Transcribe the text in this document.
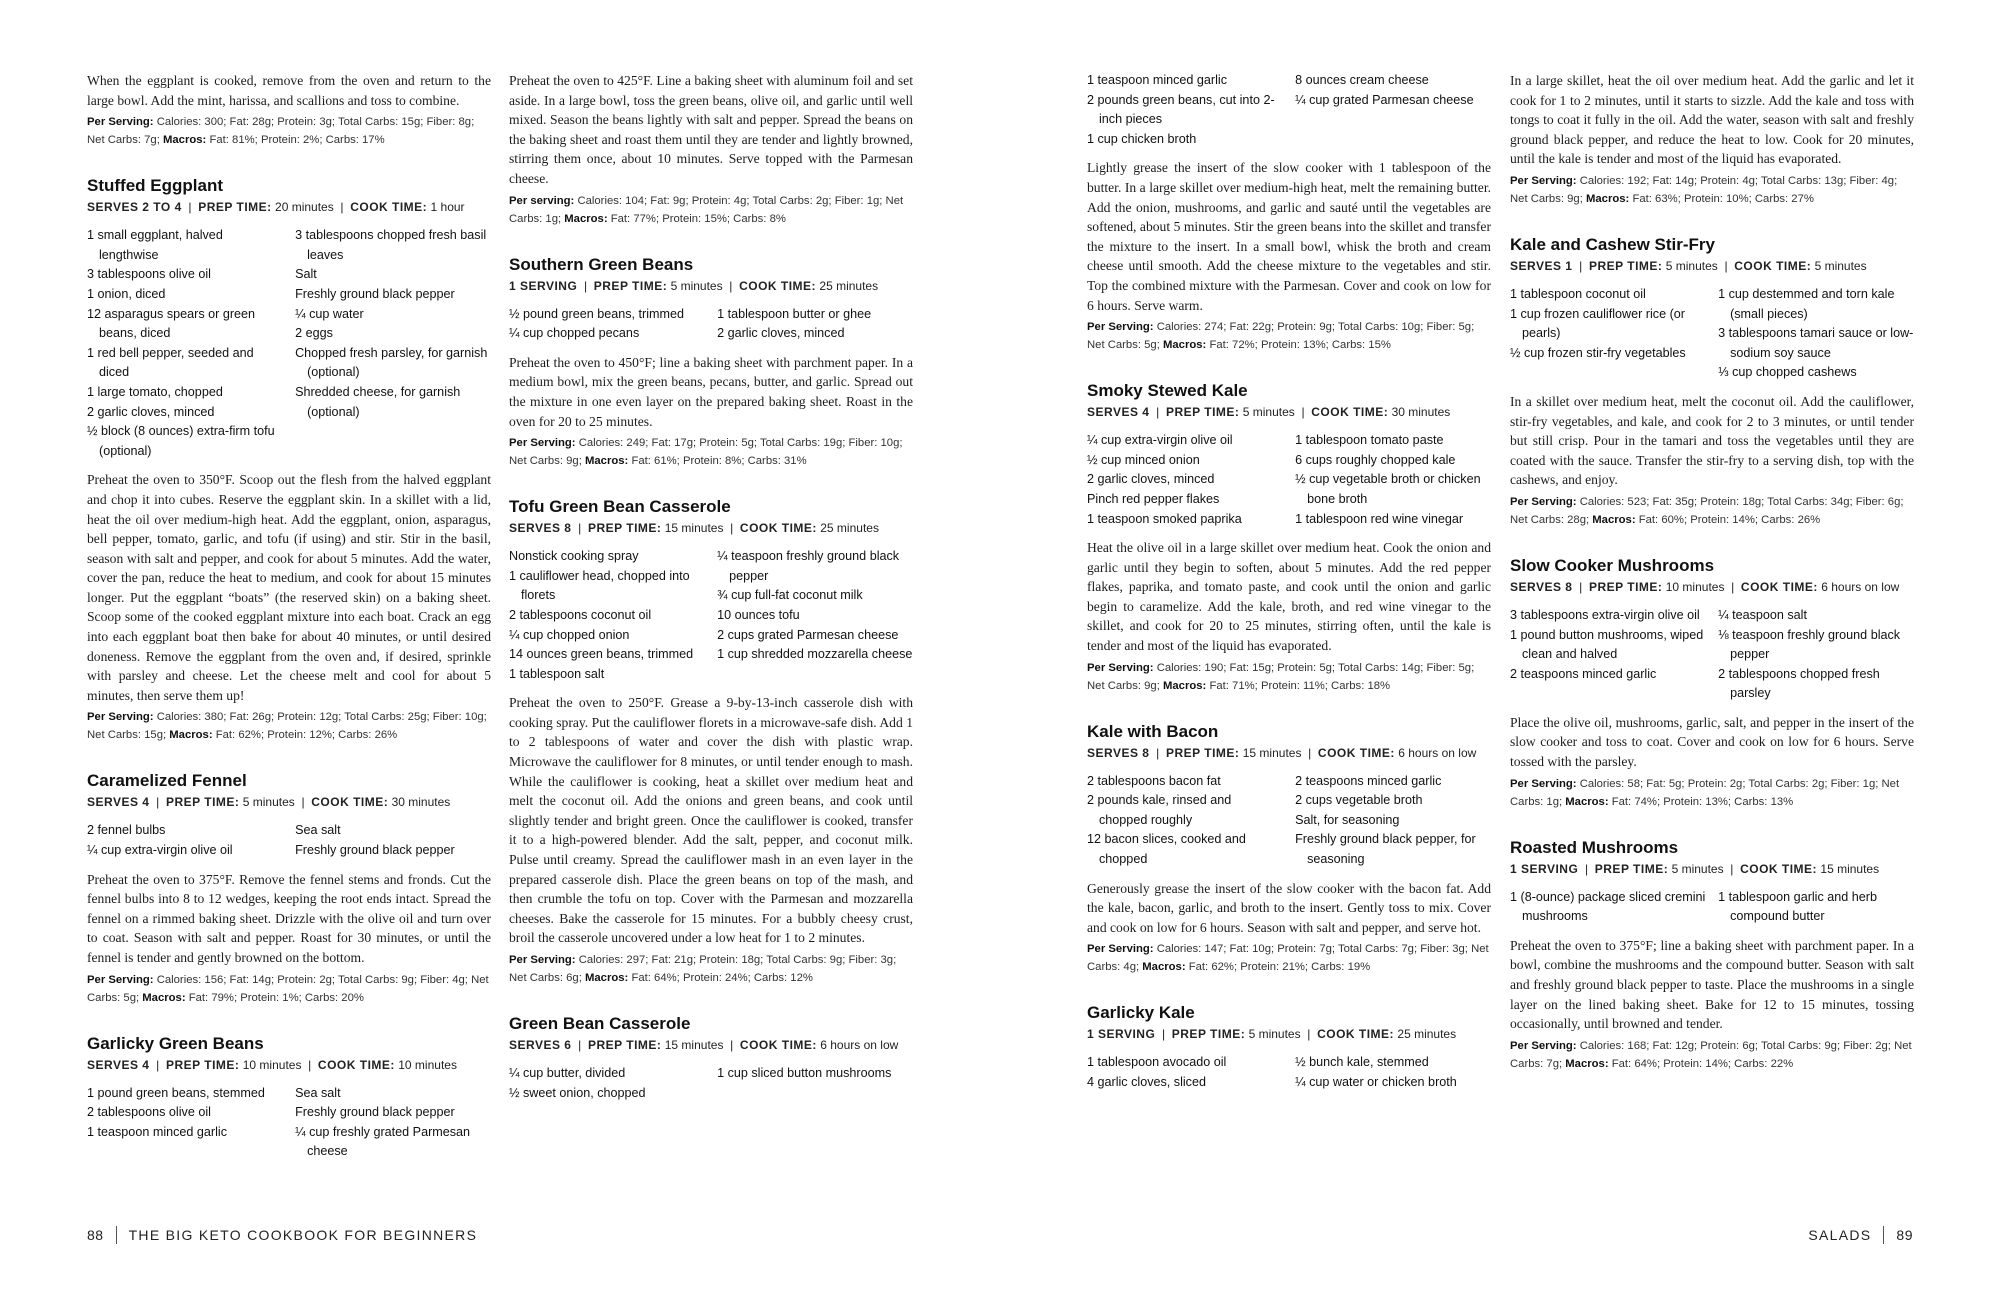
When the eggplant is cooked, remove from the oven and return to the large bowl. Add the mint, harissa, and scallions and toss to combine.

Per Serving: Calories: 300; Fat: 28g; Protein: 3g; Total Carbs: 15g; Fiber: 8g; Net Carbs: 7g; Macros: Fat: 81%; Protein: 2%; Carbs: 17%

Stuffed Eggplant
SERVES 2 TO 4  |  PREP TIME: 20 minutes  |  COOK TIME: 1 hour
1 small eggplant, halved lengthwise
3 tablespoons olive oil
1 onion, diced
12 asparagus spears or green beans, diced
1 red bell pepper, seeded and diced
1 large tomato, chopped
2 garlic cloves, minced
½ block (8 ounces) extra-firm tofu (optional)
3 tablespoons chopped fresh basil leaves
Salt
Freshly ground black pepper
¼ cup water
2 eggs
Chopped fresh parsley, for garnish (optional)
Shredded cheese, for garnish (optional)

Preheat the oven to 350°F. Scoop out the flesh from the halved eggplant and chop it into cubes. Reserve the eggplant skin. In a skillet with a lid, heat the oil over medium-high heat. Add the eggplant, onion, asparagus, bell pepper, tomato, garlic, and tofu (if using) and stir. Stir in the basil, season with salt and pepper, and cook for about 5 minutes. Add the water, cover the pan, reduce the heat to medium, and cook for about 15 minutes longer. Put the eggplant “boats” (the reserved skin) on a baking sheet. Scoop some of the cooked eggplant mixture into each boat. Crack an egg into each eggplant boat then bake for about 40 minutes, or until desired doneness. Remove the eggplant from the oven and, if desired, sprinkle with parsley and cheese. Let the cheese melt and cool for about 5 minutes, then serve them up!

Per Serving: Calories: 380; Fat: 26g; Protein: 12g; Total Carbs: 25g; Fiber: 10g; Net Carbs: 15g; Macros: Fat: 62%; Protein: 12%; Carbs: 26%

Caramelized Fennel
SERVES 4  |  PREP TIME: 5 minutes  |  COOK TIME: 30 minutes
2 fennel bulbs
¼ cup extra-virgin olive oil
Sea salt
Freshly ground black pepper

Preheat the oven to 375°F. Remove the fennel stems and fronds. Cut the fennel bulbs into 8 to 12 wedges, keeping the root ends intact. Spread the fennel on a rimmed baking sheet. Drizzle with the olive oil and turn over to coat. Season with salt and pepper. Roast for 30 minutes, or until the fennel is tender and gently browned on the bottom.

Per Serving: Calories: 156; Fat: 14g; Protein: 2g; Total Carbs: 9g; Fiber: 4g; Net Carbs: 5g; Macros: Fat: 79%; Protein: 1%; Carbs: 20%

Garlicky Green Beans
SERVES 4  |  PREP TIME: 10 minutes  |  COOK TIME: 10 minutes
1 pound green beans, stemmed
2 tablespoons olive oil
1 teaspoon minced garlic
Sea salt
Freshly ground black pepper
¼ cup freshly grated Parmesan cheese

Preheat the oven to 425°F. Line a baking sheet with aluminum foil and set aside. In a large bowl, toss the green beans, olive oil, and garlic until well mixed. Season the beans lightly with salt and pepper. Spread the beans on the baking sheet and roast them until they are tender and lightly browned, stirring them once, about 10 minutes. Serve topped with the Parmesan cheese.

Per serving: Calories: 104; Fat: 9g; Protein: 4g; Total Carbs: 2g; Fiber: 1g; Net Carbs: 1g; Macros: Fat: 77%; Protein: 15%; Carbs: 8%

Southern Green Beans
1 SERVING  |  PREP TIME: 5 minutes  |  COOK TIME: 25 minutes
½ pound green beans, trimmed
¼ cup chopped pecans
1 tablespoon butter or ghee
2 garlic cloves, minced

Preheat the oven to 450°F; line a baking sheet with parchment paper. In a medium bowl, mix the green beans, pecans, butter, and garlic. Spread out the mixture in one even layer on the prepared baking sheet. Roast in the oven for 20 to 25 minutes.

Per Serving: Calories: 249; Fat: 17g; Protein: 5g; Total Carbs: 19g; Fiber: 10g; Net Carbs: 9g; Macros: Fat: 61%; Protein: 8%; Carbs: 31%

Tofu Green Bean Casserole
SERVES 8  |  PREP TIME: 15 minutes  |  COOK TIME: 25 minutes
Nonstick cooking spray
1 cauliflower head, chopped into florets
2 tablespoons coconut oil
¼ cup chopped onion
14 ounces green beans, trimmed
1 tablespoon salt
¼ teaspoon freshly ground black pepper
¾ cup full-fat coconut milk
10 ounces tofu
2 cups grated Parmesan cheese
1 cup shredded mozzarella cheese

Preheat the oven to 250°F. Grease a 9-by-13-inch casserole dish with cooking spray. Put the cauliflower florets in a microwave-safe dish. Add 1 to 2 tablespoons of water and cover the dish with plastic wrap. Microwave the cauliflower for 8 minutes, or until tender enough to mash. While the cauliflower is cooking, heat a skillet over medium heat and melt the coconut oil. Add the onions and green beans, and cook until slightly tender and bright green. Once the cauliflower is cooked, transfer it to a high-powered blender. Add the salt, pepper, and coconut milk. Pulse until creamy. Spread the cauliflower mash in an even layer in the prepared casserole dish. Place the green beans on top of the mash, and then crumble the tofu on top. Cover with the Parmesan and mozzarella cheeses. Bake the casserole for 15 minutes. For a bubbly cheesy crust, broil the casserole uncovered under a low heat for 1 to 2 minutes.

Per Serving: Calories: 297; Fat: 21g; Protein: 18g; Total Carbs: 9g; Fiber: 3g; Net Carbs: 6g; Macros: Fat: 64%; Protein: 24%; Carbs: 12%

Green Bean Casserole
SERVES 6  |  PREP TIME: 15 minutes  |  COOK TIME: 6 hours on low
¼ cup butter, divided
½ sweet onion, chopped
1 cup sliced button mushrooms
88 THE BIG KETO COOKBOOK FOR BEGINNERS
1 teaspoon minced garlic
2 pounds green beans, cut into 2-inch pieces
1 cup chicken broth
8 ounces cream cheese
¼ cup grated Parmesan cheese

Lightly grease the insert of the slow cooker with 1 tablespoon of the butter. In a large skillet over medium-high heat, melt the remaining butter. Add the onion, mushrooms, and garlic and sauté until the vegetables are softened, about 5 minutes. Stir the green beans into the skillet and transfer the mixture to the insert. In a small bowl, whisk the broth and cream cheese until smooth. Add the cheese mixture to the vegetables and stir. Top the combined mixture with the Parmesan. Cover and cook on low for 6 hours. Serve warm.

Per Serving: Calories: 274; Fat: 22g; Protein: 9g; Total Carbs: 10g; Fiber: 5g; Net Carbs: 5g; Macros: Fat: 72%; Protein: 13%; Carbs: 15%

Smoky Stewed Kale
SERVES 4  |  PREP TIME: 5 minutes  |  COOK TIME: 30 minutes
¼ cup extra-virgin olive oil
½ cup minced onion
2 garlic cloves, minced
Pinch red pepper flakes
1 teaspoon smoked paprika
1 tablespoon tomato paste
6 cups roughly chopped kale
½ cup vegetable broth or chicken bone broth
1 tablespoon red wine vinegar

Heat the olive oil in a large skillet over medium heat. Cook the onion and garlic until they begin to soften, about 5 minutes. Add the red pepper flakes, paprika, and tomato paste, and cook until the onion and garlic begin to caramelize. Add the kale, broth, and red wine vinegar to the skillet, and cook for 20 to 25 minutes, stirring often, until the kale is tender and most of the liquid has evaporated.

Per Serving: Calories: 190; Fat: 15g; Protein: 5g; Total Carbs: 14g; Fiber: 5g; Net Carbs: 9g; Macros: Fat: 71%; Protein: 11%; Carbs: 18%

Kale with Bacon
SERVES 8  |  PREP TIME: 15 minutes  |  COOK TIME: 6 hours on low
2 tablespoons bacon fat
2 pounds kale, rinsed and chopped roughly
12 bacon slices, cooked and chopped
2 teaspoons minced garlic
2 cups vegetable broth
Salt, for seasoning
Freshly ground black pepper, for seasoning

Generously grease the insert of the slow cooker with the bacon fat. Add the kale, bacon, garlic, and broth to the insert. Gently toss to mix. Cover and cook on low for 6 hours. Season with salt and pepper, and serve hot.

Per Serving: Calories: 147; Fat: 10g; Protein: 7g; Total Carbs: 7g; Fiber: 3g; Net Carbs: 4g; Macros: Fat: 62%; Protein: 21%; Carbs: 19%

Garlicky Kale
1 SERVING  |  PREP TIME: 5 minutes  |  COOK TIME: 25 minutes
1 tablespoon avocado oil
4 garlic cloves, sliced
½ bunch kale, stemmed
¼ cup water or chicken broth

In a large skillet, heat the oil over medium heat. Add the garlic and let it cook for 1 to 2 minutes, until it starts to sizzle. Add the kale and toss with tongs to coat it fully in the oil. Add the water, season with salt and freshly ground black pepper, and reduce the heat to low. Cook for 20 minutes, until the kale is tender and most of the liquid has evaporated.

Per Serving: Calories: 192; Fat: 14g; Protein: 4g; Total Carbs: 13g; Fiber: 4g; Net Carbs: 9g; Macros: Fat: 63%; Protein: 10%; Carbs: 27%

Kale and Cashew Stir-Fry
SERVES 1  |  PREP TIME: 5 minutes  |  COOK TIME: 5 minutes
1 tablespoon coconut oil
1 cup frozen cauliflower rice (or pearls)
½ cup frozen stir-fry vegetables
1 cup destemmed and torn kale (small pieces)
3 tablespoons tamari sauce or low-sodium soy sauce
⅓ cup chopped cashews

In a skillet over medium heat, melt the coconut oil. Add the cauliflower, stir-fry vegetables, and kale, and cook for 2 to 3 minutes, or until tender but still crisp. Pour in the tamari and toss the vegetables until they are coated with the sauce. Transfer the stir-fry to a serving dish, top with the cashews, and enjoy.

Per Serving: Calories: 523; Fat: 35g; Protein: 18g; Total Carbs: 34g; Fiber: 6g; Net Carbs: 28g; Macros: Fat: 60%; Protein: 14%; Carbs: 26%

Slow Cooker Mushrooms
SERVES 8  |  PREP TIME: 10 minutes  |  COOK TIME: 6 hours on low
3 tablespoons extra-virgin olive oil
1 pound button mushrooms, wiped clean and halved
2 teaspoons minced garlic
¼ teaspoon salt
⅛ teaspoon freshly ground black pepper
2 tablespoons chopped fresh parsley

Place the olive oil, mushrooms, garlic, salt, and pepper in the insert of the slow cooker and toss to coat. Cover and cook on low for 6 hours. Serve tossed with the parsley.

Per Serving: Calories: 58; Fat: 5g; Protein: 2g; Total Carbs: 2g; Fiber: 1g; Net Carbs: 1g; Macros: Fat: 74%; Protein: 13%; Carbs: 13%

Roasted Mushrooms
1 SERVING  |  PREP TIME: 5 minutes  |  COOK TIME: 15 minutes
1 (8-ounce) package sliced cremini mushrooms
1 tablespoon garlic and herb compound butter

Preheat the oven to 375°F; line a baking sheet with parchment paper. In a bowl, combine the mushrooms and the compound butter. Season with salt and freshly ground black pepper to taste. Place the mushrooms in a single layer on the lined baking sheet. Bake for 12 to 15 minutes, tossing occasionally, until browned and tender.

Per Serving: Calories: 168; Fat: 12g; Protein: 6g; Total Carbs: 9g; Fiber: 2g; Net Carbs: 7g; Macros: Fat: 64%; Protein: 14%; Carbs: 22%

SALADS 89
